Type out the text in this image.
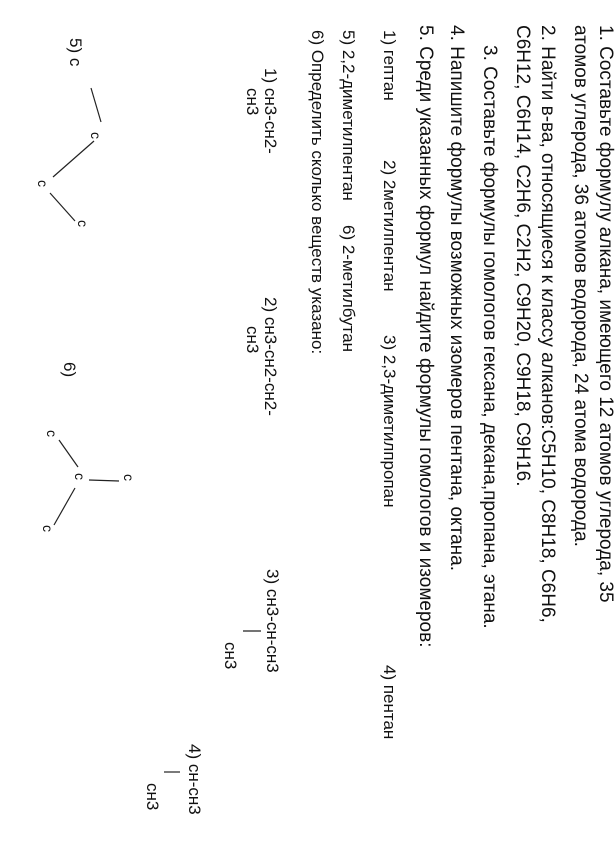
1. Составьте формулу алкана, имеющего 12 атомов углерода, 35
атомов углерода, 36 атомов водорода, 24 атома водорода.
2. Найти в-ва, относящиеся к классу алканов:С5Н10, С8Н18, С6Н6,
С6Н12, С6Н14, С2Н6, С2Н2, С9Н20, С9Н18, С9Н16.
3. Составьте формулы гомологов гексана, декана,пропана, этана.
4. Напишите формулы возможных изомеров пентана, октана.
5. Среди указанных формул найдите формулы гомологов и изомеров:
1) гептан
2) 2метилпентан
3) 2,3-диметилпропан
4) пентан
5) 2,2-диметилпентан
6) 2-метилбутан
6) Определить сколько веществ указано:
1) сн3-сн2-
сн3
2) сн3-сн2-сн2-
сн3
3) сн3-сн-сн3
сн3
4) сн-сн3
сн3
5) с
с
с
с
6)
с
с с
с
